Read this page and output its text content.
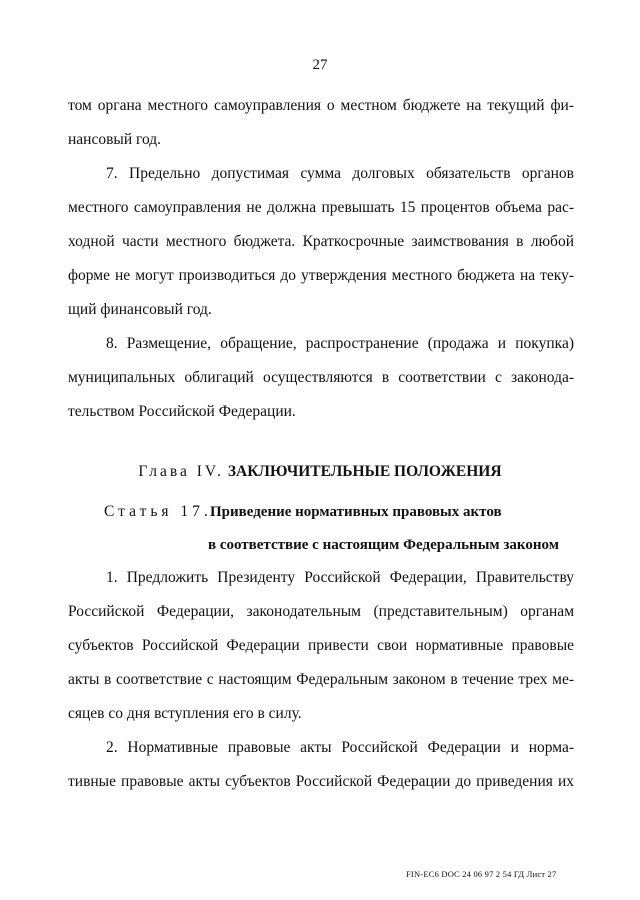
27
том органа местного самоуправления о местном бюджете на текущий фи-
нансовый год.
7. Предельно допустимая сумма долговых обязательств органов
местного самоуправления не должна превышать 15 процентов объема рас-
ходной части местного бюджета. Краткосрочные заимствования в любой
форме не могут производиться до утверждения местного бюджета на теку-
щий финансовый год.
8. Размещение, обращение, распространение (продажа и покупка)
муниципальных облигаций осуществляются в соответствии с законода-
тельством Российской Федерации.
Глава IV. ЗАКЛЮЧИТЕЛЬНЫЕ ПОЛОЖЕНИЯ
Статья 17.
Приведение нормативных правовых актов
в соответствие с настоящим Федеральным законом
1. Предложить Президенту Российской Федерации, Правительству
Российской Федерации, законодательным (представительным) органам
субъектов Российской Федерации привести свои нормативные правовые
акты в соответствие с настоящим Федеральным законом в течение трех ме-
сяцев со дня вступления его в силу.
2. Нормативные правовые акты Российской Федерации и норма-
тивные правовые акты субъектов Российской Федерации до приведения их
FIN-EC6 DOC 24 06 97 2 54 ГД Лист 27
